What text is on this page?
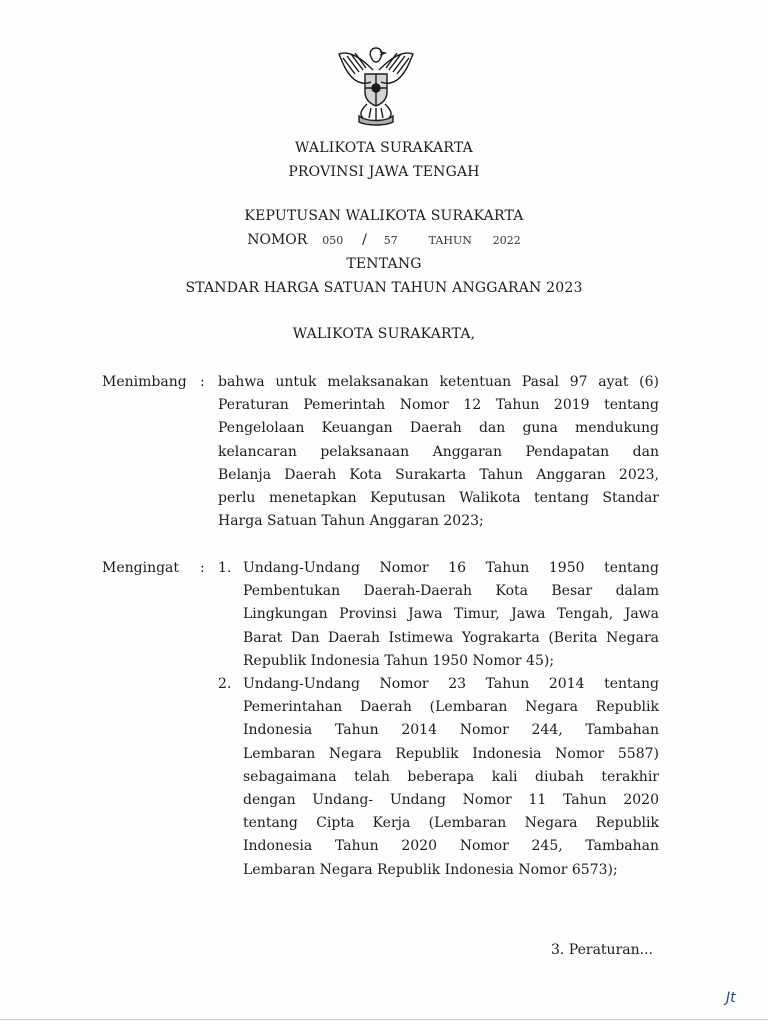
WALIKOTA SURAKARTA
PROVINSI JAWA TENGAH
KEPUTUSAN WALIKOTA SURAKARTA
NOMOR 050 / 57	TAHUN 2022
TENTANG
STANDAR HARGA SATUAN TAHUN ANGGARAN 2023
WALIKOTA SURAKARTA,
Menimbang : bahwa untuk melaksanakan ketentuan Pasal 97 ayat (6)
Peraturan Pemerintah Nomor 12 Tahun 2019 tentang
Pengelolaan Keuangan Daerah dan guna mendukung
kelancaran pelaksanaan Anggaran Pendapatan dan
Belanja Daerah Kota Surakarta Tahun Anggaran 2023,
perlu menetapkan Keputusan Walikota tentang Standar
Harga Satuan Tahun Anggaran 2023;
Mengingat : 1. Undang-Undang Nomor 16 Tahun 1950 tentang
Pembentukan Daerah-Daerah Kota Besar dalam
Lingkungan Provinsi Jawa Timur, Jawa Tengah, Jawa
Barat Dan Daerah Istimewa Yograkarta (Berita Negara
Republik Indonesia Tahun 1950 Nomor 45);
2. Undang-Undang Nomor 23 Tahun 2014 tentang
Pemerintahan Daerah (Lembaran Negara Republik
Indonesia Tahun 2014 Nomor 244, Tambahan
Lembaran Negara Republik Indonesia Nomor 5587)
sebagaimana telah beberapa kali diubah terakhir
dengan Undang- Undang Nomor 11 Tahun 2020
tentang Cipta Kerja (Lembaran Negara Republik
Indonesia Tahun 2020 Nomor 245, Tambahan
Lembaran Negara Republik Indonesia Nomor 6573);
3. Peraturan...
Jt
